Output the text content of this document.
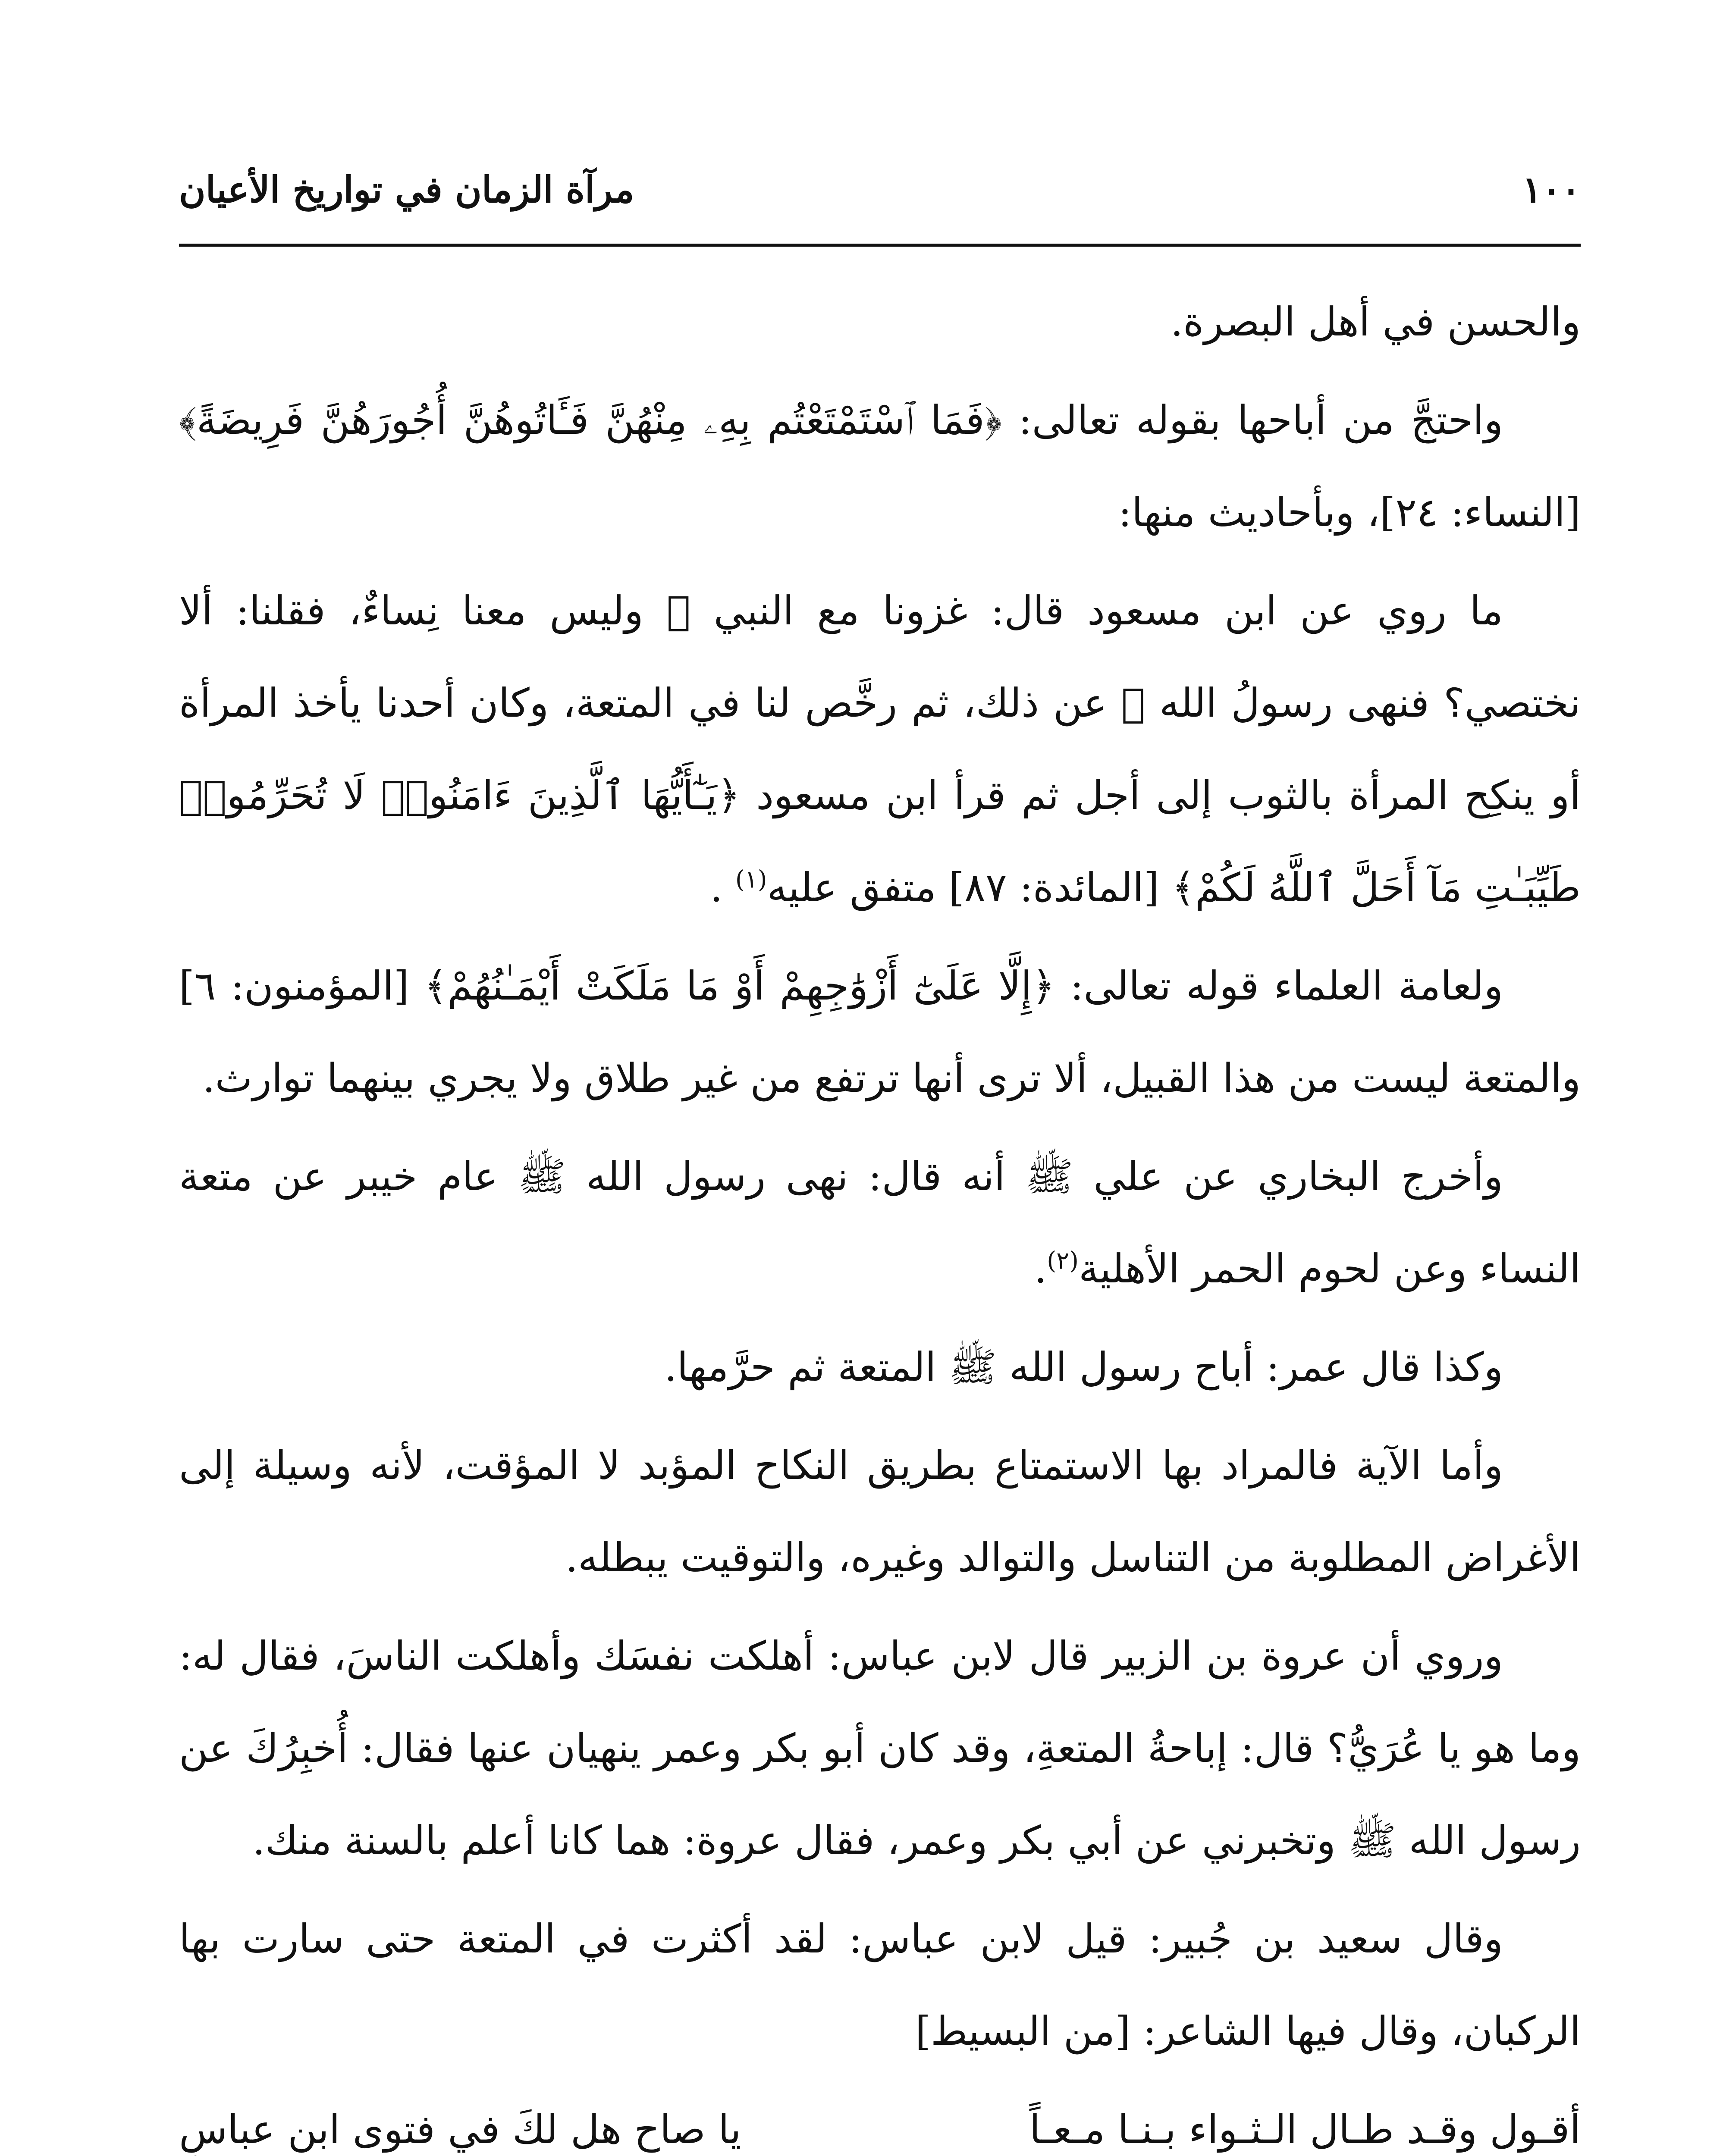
١٠٠
مرآة الزمان في تواريخ الأعيان

والحسن في أهل البصرة.

واحتجَّ من أباحها بقوله تعالى: ﴿فَمَا ٱسْتَمْتَعْتُم بِهِۦ مِنْهُنَّ فَـَٔاتُوهُنَّ أُجُورَهُنَّ فَرِيضَةً﴾ [النساء: ٢٤]، وبأحاديث منها:

ما روي عن ابن مسعود قال: غزونا مع النبي ﷺ وليس معنا نِساءٌ، فقلنا: ألا نختصي؟ فنهى رسولُ الله ﷺ عن ذلك، ثم رخَّص لنا في المتعة، وكان أحدنا يأخذ المرأة أو ينكِح المرأة بالثوب إلى أجل ثم قرأ ابن مسعود ﴿يَـٰٓأَيُّهَا ٱلَّذِينَ ءَامَنُوا۟ لَا تُحَرِّمُوا۟ طَيِّبَـٰتِ مَآ أَحَلَّ ٱللَّهُ لَكُمْ﴾ [المائدة: ٨٧] متفق عليه$^{(١)}$ .

ولعامة العلماء قوله تعالى: ﴿إِلَّا عَلَىٰٓ أَزْوَٰجِهِمْ أَوْ مَا مَلَكَتْ أَيْمَـٰنُهُمْ﴾ [المؤمنون: ٦] والمتعة ليست من هذا القبيل، ألا ترى أنها ترتفع من غير طلاق ولا يجري بينهما توارث.

وأخرج البخاري عن علي ﷺ أنه قال: نهى رسول الله ﷺ عام خيبر عن متعة النساء وعن لحوم الحمر الأهلية$^{(٢)}$.

وكذا قال عمر: أباح رسول الله ﷺ المتعة ثم حرَّمها.

وأما الآية فالمراد بها الاستمتاع بطريق النكاح المؤبد لا المؤقت، لأنه وسيلة إلى الأغراض المطلوبة من التناسل والتوالد وغيره، والتوقيت يبطله.

وروي أن عروة بن الزبير قال لابن عباس: أهلكت نفسَك وأهلكت الناسَ، فقال له: وما هو يا عُرَيُّ؟ قال: إباحةُ المتعةِ، وقد كان أبو بكر وعمر ينهيان عنها فقال: أُخبِرُكَ عن رسول الله ﷺ وتخبرني عن أبي بكر وعمر، فقال عروة: هما كانا أعلم بالسنة منك.

وقال سعيد بن جُبير: قيل لابن عباس: لقد أكثرت في المتعة حتى سارت بها الركبان، وقال فيها الشاعر: [من البسيط]

أقـول وقـد طـال الـثـواء بـنـا مـعـاً
يا صاح هل لكَ في فتوى ابن عباسِ
